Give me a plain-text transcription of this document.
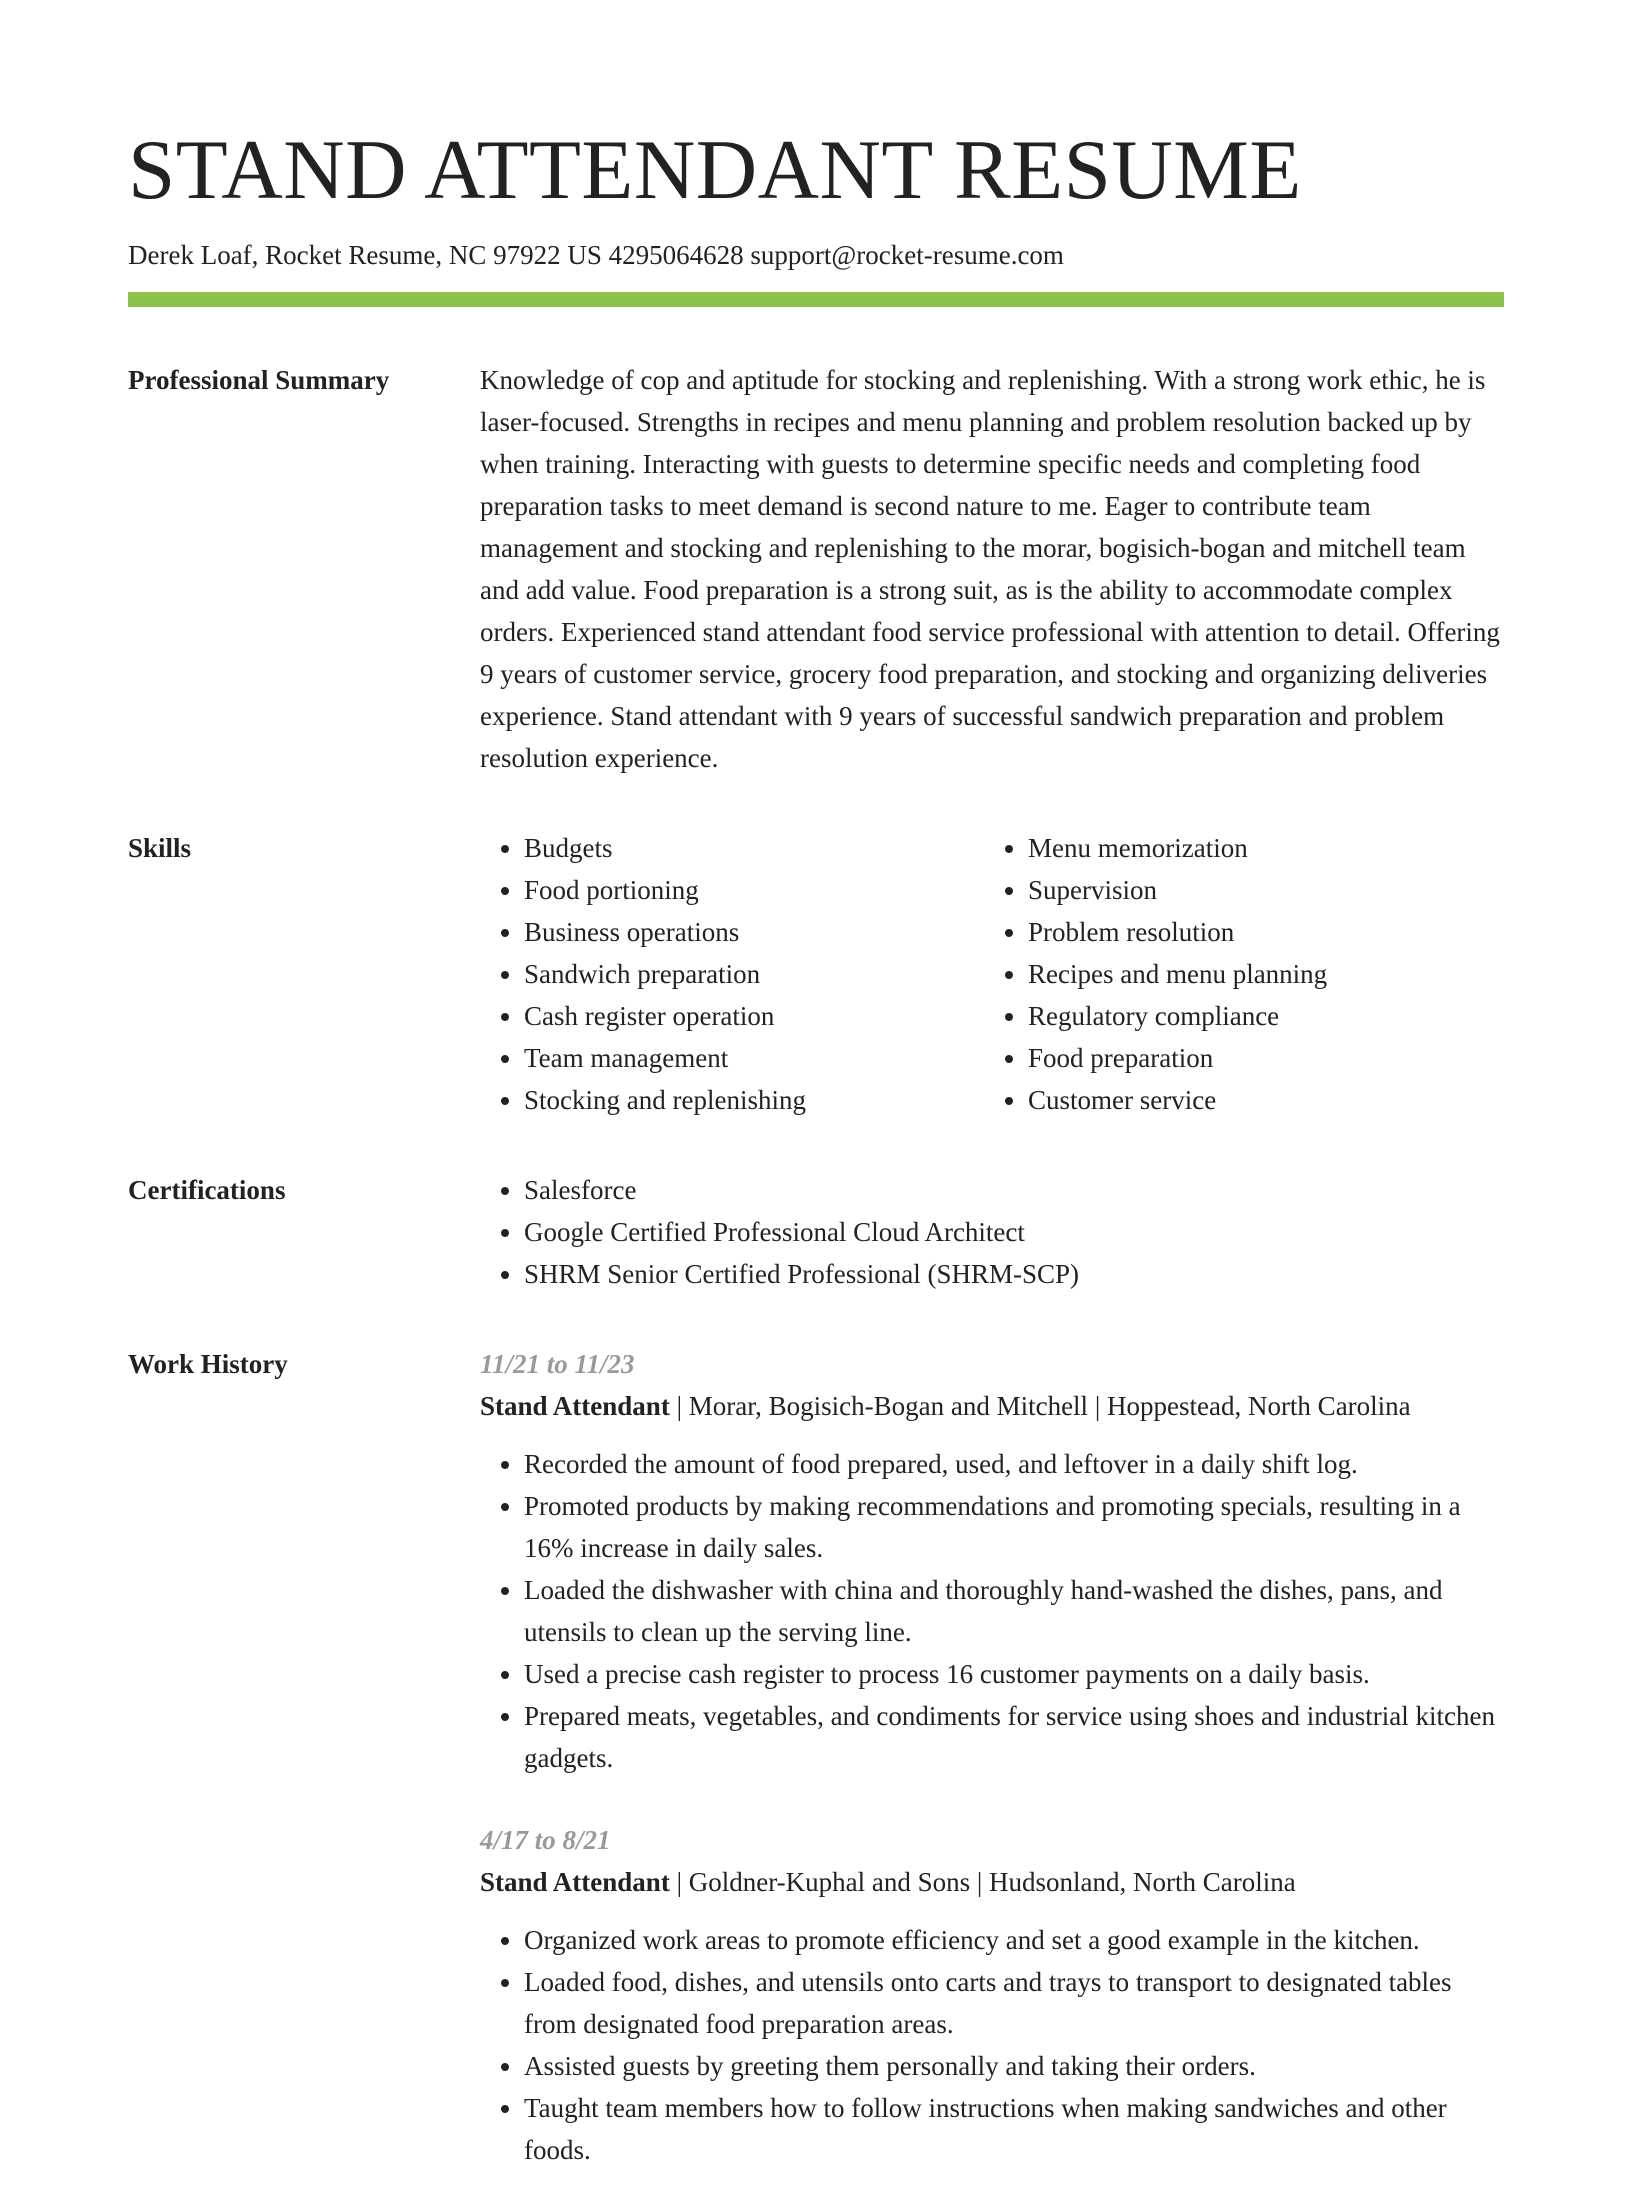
STAND ATTENDANT RESUME
Derek Loaf, Rocket Resume, NC 97922 US 4295064628 support@rocket-resume.com
Professional Summary	Knowledge of cop and aptitude for stocking and replenishing. With a strong work ethic, he is laser-focused. Strengths in recipes and menu planning and problem resolution backed up by when training. Interacting with guests to determine specific needs and completing food preparation tasks to meet demand is second nature to me. Eager to contribute team management and stocking and replenishing to the morar, bogisich-bogan and mitchell team and add value. Food preparation is a strong suit, as is the ability to accommodate complex orders. Experienced stand attendant food service professional with attention to detail. Offering 9 years of customer service, grocery food preparation, and stocking and organizing deliveries experience. Stand attendant with 9 years of successful sandwich preparation and problem resolution experience.

Skills	• Budgets
• Food portioning
• Business operations
• Sandwich preparation
• Cash register operation
• Team management
• Stocking and replenishing
• Menu memorization
• Supervision
• Problem resolution
• Recipes and menu planning
• Regulatory compliance
• Food preparation
• Customer service
Certifications	• Salesforce
• Google Certified Professional Cloud Architect
• SHRM Senior Certified Professional (SHRM-SCP)
Work History	11/21 to 11/23
Stand Attendant | Morar, Bogisich-Bogan and Mitchell | Hoppestead, North Carolina
• Recorded the amount of food prepared, used, and leftover in a daily shift log.
• Promoted products by making recommendations and promoting specials, resulting in a 16% increase in daily sales.
• Loaded the dishwasher with china and thoroughly hand-washed the dishes, pans, and utensils to clean up the serving line.
• Used a precise cash register to process 16 customer payments on a daily basis.
• Prepared meats, vegetables, and condiments for service using shoes and industrial kitchen gadgets.
4/17 to 8/21
Stand Attendant | Goldner-Kuphal and Sons | Hudsonland, North Carolina
• Organized work areas to promote efficiency and set a good example in the kitchen.
• Loaded food, dishes, and utensils onto carts and trays to transport to designated tables from designated food preparation areas.
• Assisted guests by greeting them personally and taking their orders.
• Taught team members how to follow instructions when making sandwiches and other foods.
